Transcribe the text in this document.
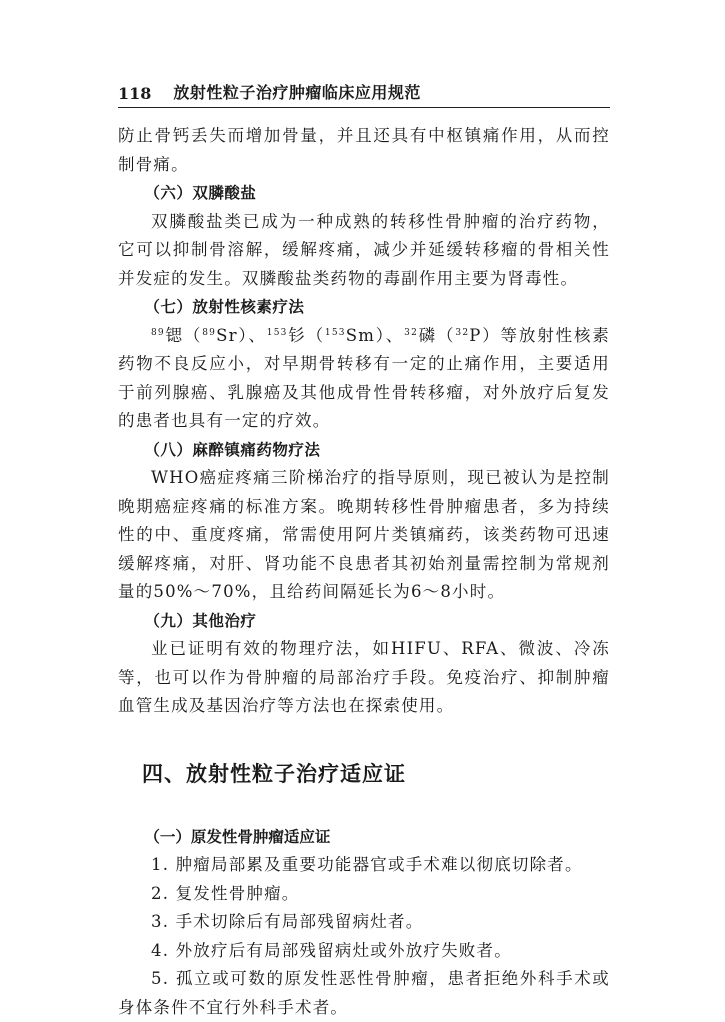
118 放射性粒子治疗肿瘤临床应用规范

防止骨钙丢失而增加骨量，并且还具有中枢镇痛作用，从而控制骨痛。

（六）双膦酸盐

双膦酸盐类已成为一种成熟的转移性骨肿瘤的治疗药物，它可以抑制骨溶解，缓解疼痛，减少并延缓转移瘤的骨相关性并发症的发生。双膦酸盐类药物的毒副作用主要为肾毒性。

（七）放射性核素疗法

$^{89}$锶（$^{89}$Sr）、$^{153}$钐（$^{153}$Sm）、$^{32}$磷（$^{32}$P）等放射性核素药物不良反应小，对早期骨转移有一定的止痛作用，主要适用于前列腺癌、乳腺癌及其他成骨性骨转移瘤，对外放疗后复发的患者也具有一定的疗效。

（八）麻醉镇痛药物疗法

WHO癌症疼痛三阶梯治疗的指导原则，现已被认为是控制晚期癌症疼痛的标准方案。晚期转移性骨肿瘤患者，多为持续性的中、重度疼痛，常需使用阿片类镇痛药，该类药物可迅速缓解疼痛，对肝、肾功能不良患者其初始剂量需控制为常规剂量的50%～70%，且给药间隔延长为6～8小时。

（九）其他治疗

业已证明有效的物理疗法，如HIFU、RFA、微波、冷冻等，也可以作为骨肿瘤的局部治疗手段。免疫治疗、抑制肿瘤血管生成及基因治疗等方法也在探索使用。

四、放射性粒子治疗适应证

（一）原发性骨肿瘤适应证

1. 肿瘤局部累及重要功能器官或手术难以彻底切除者。

2. 复发性骨肿瘤。

3. 手术切除后有局部残留病灶者。

4. 外放疗后有局部残留病灶或外放疗失败者。

5. 孤立或可数的原发性恶性骨肿瘤，患者拒绝外科手术或身体条件不宜行外科手术者。
